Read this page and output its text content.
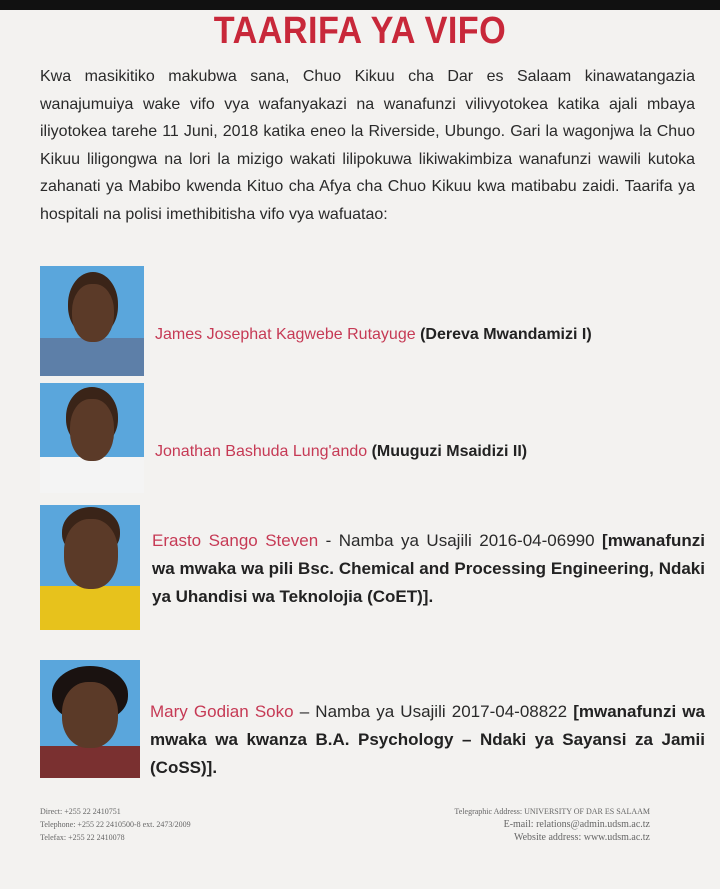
TAARIFA YA VIFO
Kwa masikitiko makubwa sana, Chuo Kikuu cha Dar es Salaam kinawatangazia wanajumuiya wake vifo vya wafanyakazi na wanafunzi vilivyotokea katika ajali mbaya iliyotokea tarehe 11 Juni, 2018 katika eneo la Riverside, Ubungo. Gari la wagonjwa la Chuo Kikuu liligongwa na lori la mizigo wakati lilipokuwa likiwakimbiza wanafunzi wawili kutoka zahanati ya Mabibo kwenda Kituo cha Afya cha Chuo Kikuu kwa matibabu zaidi. Taarifa ya hospitali na polisi imethibitisha vifo vya wafuatao:
James Josephat Kagwebe Rutayuge (Dereva Mwandamizi I)
Jonathan Bashuda Lung'ando (Muuguzi Msaidizi II)
Erasto Sango Steven - Namba ya Usajili 2016-04-06990 [mwanafunzi wa mwaka wa pili Bsc. Chemical and Processing Engineering, Ndaki ya Uhandisi wa Teknolojia (CoET)].
Mary Godian Soko – Namba ya Usajili 2017-04-08822 [mwanafunzi wa mwaka wa kwanza B.A. Psychology – Ndaki ya Sayansi za Jamii (CoSS)].
Direct: +255 22 2410751
Telephone: +255 22 2410500-8 ext. 2473/2009
Telefax: +255 22 2410078
Telegraphic Address: UNIVERSITY OF DAR ES SALAAM
E-mail: relations@admin.udsm.ac.tz
Website address: www.udsm.ac.tz
